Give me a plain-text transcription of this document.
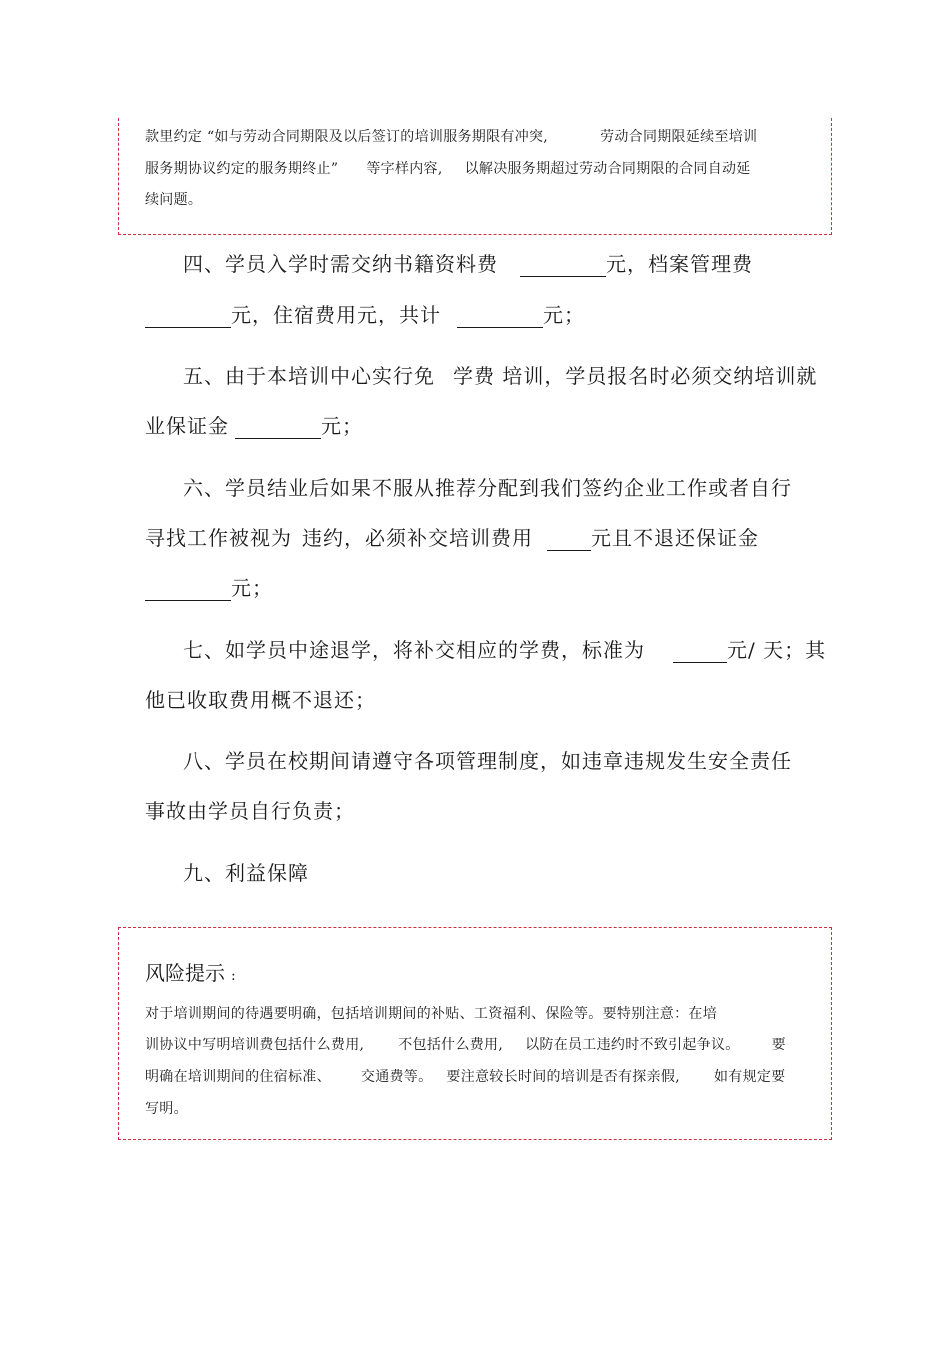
款里约定 “如与劳动合同期限及以后签订的培训服务期限有冲突,	劳动合同期限延续至培训
服务期协议约定的服务期终止” 等字样内容, 以解决服务期超过劳动合同期限的合同自动延
续问题。
四、学员入学时需交纳书籍资料费	元，档案管理费
元，住宿费用元，共计	元；
五、由于本培训中心实行免 学费 培训，学员报名时必须交纳培训就
业保证金	元；
六、学员结业后如果不服从推荐分配到我们签约企业工作或者自行
寻找工作被视为 违约，必须补交培训费用	元且不退还保证金
元；
七、如学员中途退学，将补交相应的学费，标准为	元/ 天；其
他已收取费用概不退还；
八、学员在校期间请遵守各项管理制度，如违章违规发生安全责任
事故由学员自行负责；
九、利益保障
风险提示 :
对于培训期间的待遇要明确，包括培训期间的补贴、工资福利、保险等。要特别注意：在培
训协议中写明培训费包括什么费用, 不包括什么费用, 以防在员工违约时不致引起争议。 要
明确在培训期间的住宿标准、 交通费等。 要注意较长时间的培训是否有探亲假, 如有规定要
写明。
